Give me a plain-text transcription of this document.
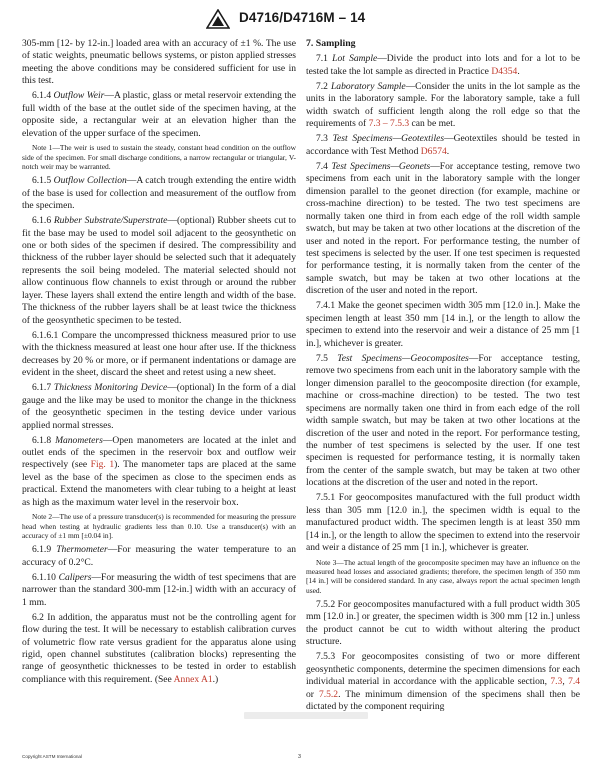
D4716/D4716M – 14

305-mm [12- by 12-in.] loaded area with an accuracy of ±1 %. The use of static weights, pneumatic bellows systems, or piston applied stresses meeting the above conditions may be considered sufficient for use in this test.

6.1.4 Outflow Weir—A plastic, glass or metal reservoir extending the full width of the base at the outlet side of the specimen having, at the opposite side, a rectangular weir at an elevation higher than the elevation of the upper surface of the specimen.

Note 1—The weir is used to sustain the steady, constant head condition on the outflow side of the specimen. For small discharge conditions, a narrow rectangular or triangular, V-notch weir may be warranted.

6.1.5 Outflow Collection—A catch trough extending the entire width of the base is used for collection and measurement of the outflow from the specimen.

6.1.6 Rubber Substrate/Superstrate—(optional) Rubber sheets cut to fit the base may be used to model soil adjacent to the geosynthetic on one or both sides of the specimen if desired. The compressibility and thickness of the rubber layer should be selected such that it adequately represents the soil being modeled. The material selected should not allow continuous flow channels to exist through or around the rubber layer. These layers shall extend the entire length and width of the base. The thickness of the rubber layers shall be at least twice the thickness of the geosynthetic specimen to be tested.

6.1.6.1 Compare the uncompressed thickness measured prior to use with the thickness measured at least one hour after use. If the thickness decreases by 20 % or more, or if permanent indentations or damage are evident in the sheet, discard the sheet and retest using a new sheet.

6.1.7 Thickness Monitoring Device—(optional) In the form of a dial gauge and the like may be used to monitor the change in the thickness of the geosynthetic specimen in the testing device under various applied normal stresses.

6.1.8 Manometers—Open manometers are located at the inlet and outlet ends of the specimen in the reservoir box and outflow weir respectively (see Fig. 1). The manometer taps are placed at the same level as the base of the specimen as close to the specimen ends as practical. Extend the manometers with clear tubing to a height at least as high as the maximum water level in the reservoir box.

Note 2—The use of a pressure transducer(s) is recommended for measuring the pressure head when testing at hydraulic gradients less than 0.10. Use a transducer(s) with an accuracy of ±1 mm [±0.04 in].

6.1.9 Thermometer—For measuring the water temperature to an accuracy of 0.2°C.

6.1.10 Calipers—For measuring the width of test specimens that are narrower than the standard 300-mm [12-in.] width with an accuracy of 1 mm.

6.2 In addition, the apparatus must not be the controlling agent for flow during the test. It will be necessary to establish calibration curves of volumetric flow rate versus gradient for the apparatus alone using rigid, open channel substitutes (calibration blocks) representing the range of geosynthetic thicknesses to be tested in order to establish compliance with this requirement. (See Annex A1.)

7. Sampling

7.1 Lot Sample—Divide the product into lots and for a lot to be tested take the lot sample as directed in Practice D4354.

7.2 Laboratory Sample—Consider the units in the lot sample as the units in the laboratory sample. For the laboratory sample, take a full width swatch of sufficient length along the roll edge so that the requirements of 7.3 – 7.5.3 can be met.

7.3 Test Specimens—Geotextiles—Geotextiles should be tested in accordance with Test Method D6574.

7.4 Test Specimens—Geonets—For acceptance testing, remove two specimens from each unit in the laboratory sample with the longer dimension parallel to the geonet direction (for example, machine or cross-machine direction) to be tested. The two test specimens are normally taken one third in from each edge of the roll width sample swatch, but may be taken at two other locations at the discretion of the user and noted in the report. For performance testing, the number of test specimens is selected by the user. If one test specimen is requested for performance testing, it is normally taken from the center of the sample swatch, but may be taken at two other locations at the discretion of the user and noted in the report.

7.4.1 Make the geonet specimen width 305 mm [12.0 in.]. Make the specimen length at least 350 mm [14 in.], or the length to allow the specimen to extend into the reservoir and weir a distance of 25 mm [1 in.], whichever is greater.

7.5 Test Specimens—Geocomposites—For acceptance testing, remove two specimens from each unit in the laboratory sample with the longer dimension parallel to the geocomposite direction (for example, machine or cross-machine direction) to be tested. The two test specimens are normally taken one third in from each edge of the roll width sample swatch, but may be taken at two other locations at the discretion of the user and noted in the report. For performance testing, the number of test specimens is selected by the user. If one test specimen is requested for performance testing, it is normally taken from the center of the sample swatch, but may be taken at two other locations at the discretion of the user and noted in the report.

7.5.1 For geocomposites manufactured with the full product width less than 305 mm [12.0 in.], the specimen width is equal to the manufactured product width. The specimen length is at least 350 mm [14 in.], or the length to allow the specimen to extend into the reservoir and weir a distance of 25 mm [1 in.], whichever is greater.

Note 3—The actual length of the geocomposite specimen may have an influence on the measured head losses and associated gradients; therefore, the specimen length of 350 mm [14 in.] will be considered standard. In any case, always report the actual specimen length used.

7.5.2 For geocomposites manufactured with a full product width 305 mm [12.0 in.] or greater, the specimen width is 300 mm [12 in.] unless the product cannot be cut to width without altering the product structure.

7.5.3 For geocomposites consisting of two or more different geosynthetic components, determine the specimen dimensions for each individual material in accordance with the applicable section, 7.3, 7.4 or 7.5.2. The minimum dimension of the specimens shall then be dictated by the component requiring

Copyright ASTM International	3
